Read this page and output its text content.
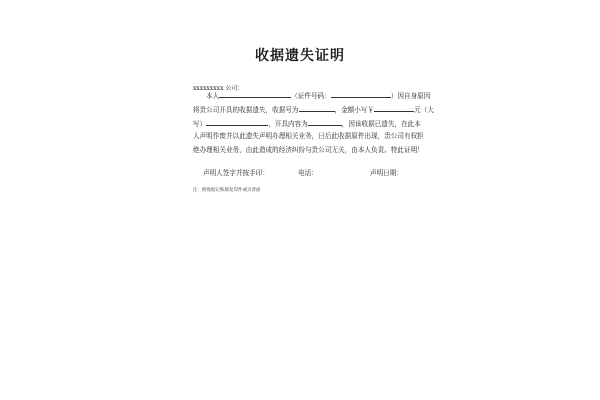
收据遗失证明
xxxxxxxxx 公司：
本人	（证件号码：	）因自身原因
将贵公司开具的收据遗失，收据号为	，金额小写￥	元（大
写）	，开具内容为	，因该收据已遗失，在此本
人声明作废并以此遗失声明办理相关业务，日后此收据原件出现，贵公司有权拒
绝办理相关业务，由此造成的经济纠纷与贵公司无关，由本人负责。特此证明！
声明人签字并按手印：	电话：	声明日期：
注：附收据记账联复印件或页背面
